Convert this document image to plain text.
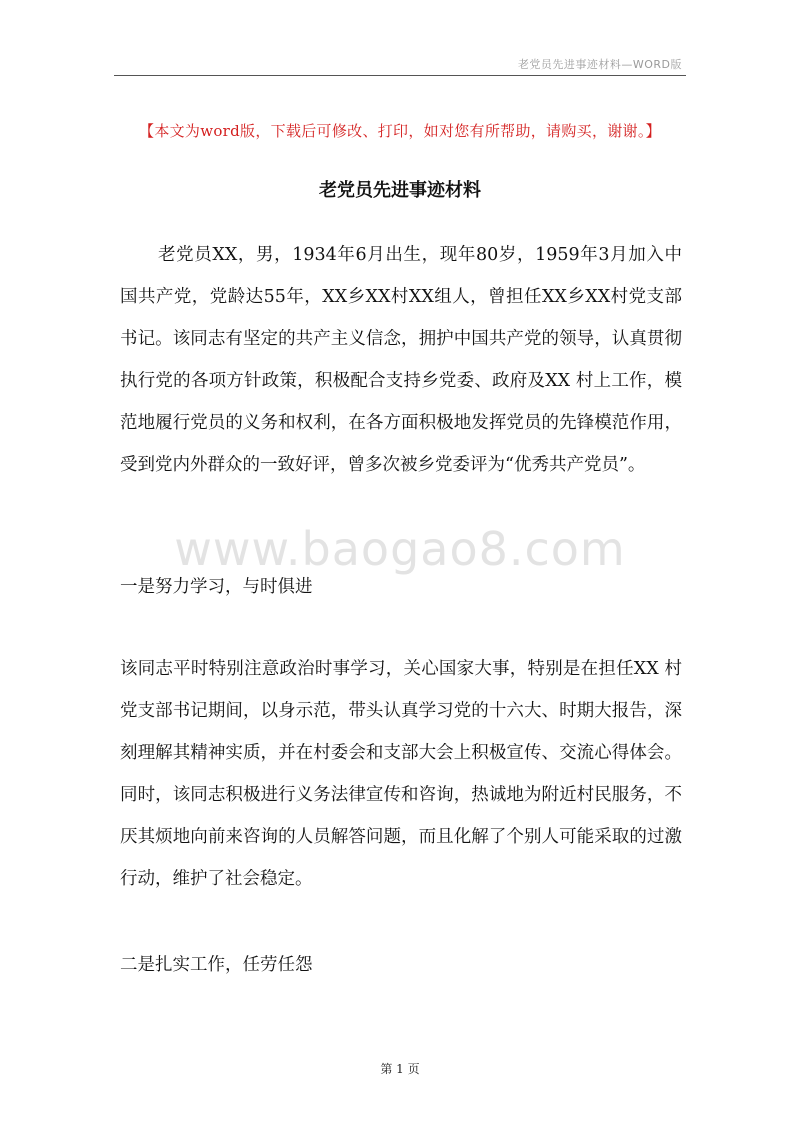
老党员先进事迹材料—WORD版
【本文为word版，下载后可修改、打印，如对您有所帮助，请购买，谢谢。】
老党员先进事迹材料
老党员XX，男，1934年6月出生，现年80岁，1959年3月加入中国共产党，党龄达55年，XX乡XX村XX组人，曾担任XX乡XX村党支部书记。该同志有坚定的共产主义信念，拥护中国共产党的领导，认真贯彻执行党的各项方针政策，积极配合支持乡党委、政府及XX 村上工作，模范地履行党员的义务和权利，在各方面积极地发挥党员的先锋模范作用，受到党内外群众的一致好评，曾多次被乡党委评为“优秀共产党员”。
www.baogao8.com
一是努力学习，与时俱进
该同志平时特别注意政治时事学习，关心国家大事，特别是在担任XX 村党支部书记期间，以身示范，带头认真学习党的十六大、时期大报告，深刻理解其精神实质，并在村委会和支部大会上积极宣传、交流心得体会。同时，该同志积极进行义务法律宣传和咨询，热诚地为附近村民服务，不厌其烦地向前来咨询的人员解答问题，而且化解了个别人可能采取的过激行动，维护了社会稳定。
二是扎实工作，任劳任怨
第 1 页
